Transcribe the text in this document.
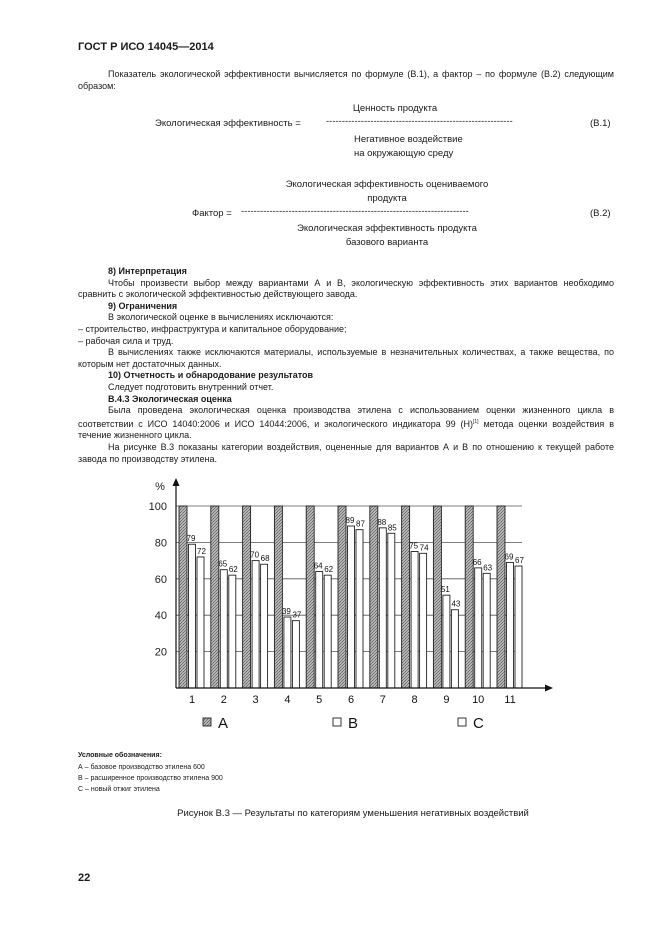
ГОСТ Р ИСО 14045—2014
Показатель экологической эффективности вычисляется по формуле (В.1), а фактор – по формуле (В.2) следующим образом:
Ценность продукта
Экологическая эффективность =	-----------------------------------------------------------	(В.1)
Негативное воздействие
на окружающую среду
Экологическая эффективность оцениваемого
продукта
Фактор = ------------------------------------------------------------------------	(В.2)
Экологическая эффективность продукта
базового варианта
8) Интерпретация
Чтобы произвести выбор между вариантами А и В, экологическую эффективность этих вариантов необходимо сравнить с экологической эффективностью действующего завода.
9) Ограничения
В экологической оценке в вычислениях исключаются:
– строительство, инфраструктура и капитальное оборудование;
– рабочая сила и труд.
В вычислениях также исключаются материалы, используемые в незначительных количествах, а также вещества, по которым нет достаточных данных.
10) Отчетность и обнародование результатов
Следует подготовить внутренний отчет.
В.4.3 Экологическая оценка
Была проведена экологическая оценка производства этилена с использованием оценки жизненного цикла в соответствии с ИСО 14040:2006 и ИСО 14044:2006, и экологического индикатора 99 (Н)[1] метода оценки воздействия в течение жизненного цикла.
На рисунке В.3 показаны категории воздействия, оцененные для вариантов А и В по отношению к текущей работе завода по производству этилена.
79
72
65
62
70 68
39 37
64 62
89 87 88
85
75 74
51
43
66
63
69 67
20
40
60
80
100
%
1 2 3 4 5 6 7 8 9 10 11
A	B	C
Условные обозначения:
А – базовое производство этилена 600
В – расширенное производство этилена 900
С – новый отжиг этилена
Рисунок В.3 — Результаты по категориям уменьшения негативных воздействий
22
